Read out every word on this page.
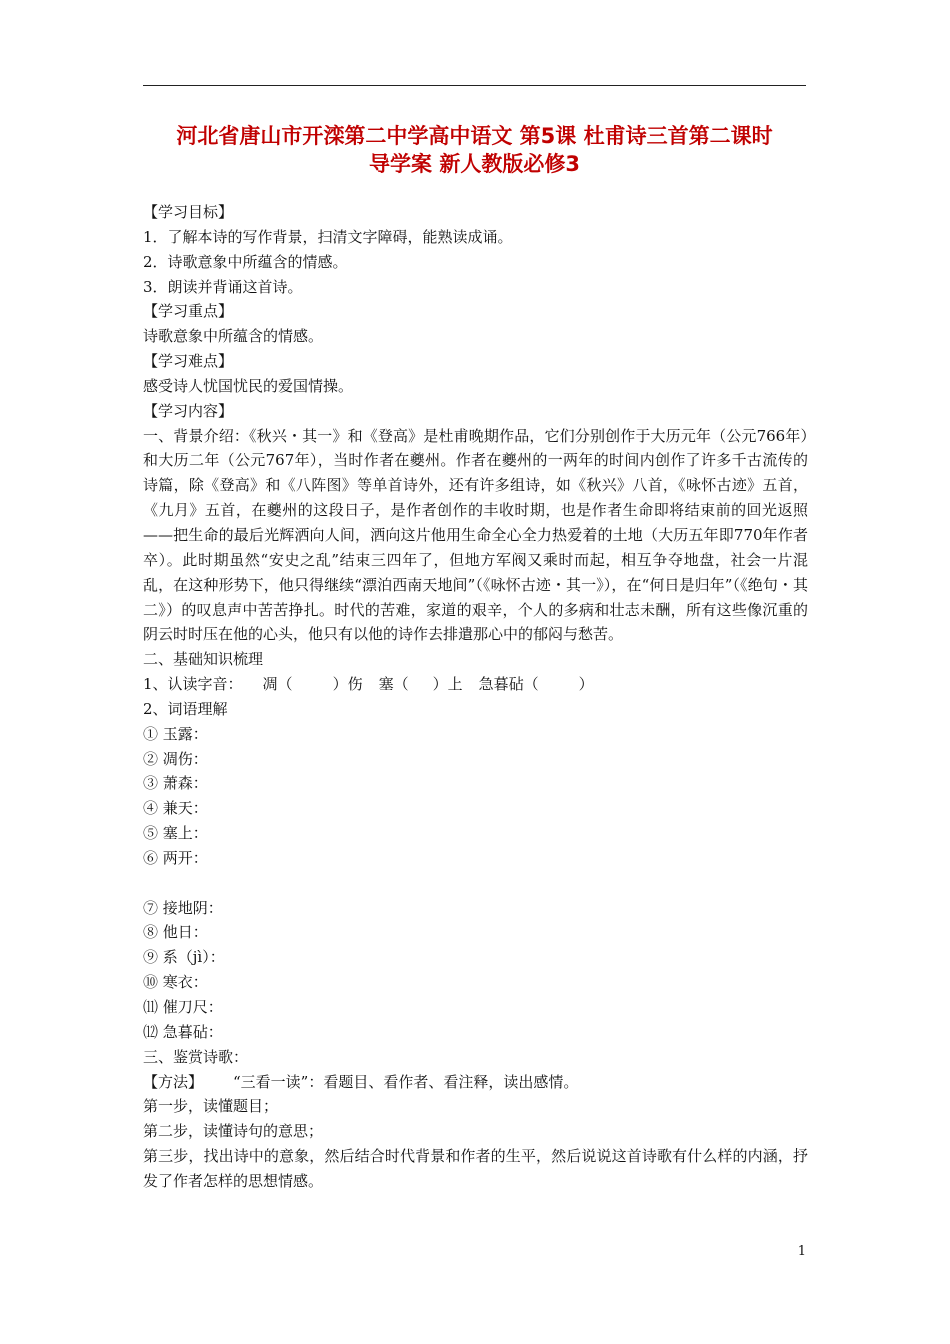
河北省唐山市开滦第二中学高中语文 第5课 杜甫诗三首第二课时
导学案 新人教版必修3
【学习目标】
1．了解本诗的写作背景，扫清文字障碍，能熟读成诵。
2．诗歌意象中所蕴含的情感。
3．朗读并背诵这首诗。
【学习重点】
诗歌意象中所蕴含的情感。
【学习难点】
感受诗人忧国忧民的爱国情操。
【学习内容】
一、背景介绍：《秋兴・其一》和《登高》是杜甫晚期作品，它们分别创作于大历元年（公元766年）和大历二年（公元767年），当时作者在夔州。作者在夔州的一两年的时间内创作了许多千古流传的诗篇，除《登高》和《八阵图》等单首诗外，还有许多组诗，如《秋兴》八首，《咏怀古迹》五首，《九月》五首，在夔州的这段日子，是作者创作的丰收时期，也是作者生命即将结束前的回光返照——把生命的最后光辉洒向人间，洒向这片他用生命全心全力热爱着的土地（大历五年即770年作者卒）。此时期虽然“安史之乱”结束三四年了，但地方军阀又乘时而起，相互争夺地盘，社会一片混乱，在这种形势下，他只得继续“漂泊西南天地间”（《咏怀古迹・其一》），在“何日是归年”（《绝句・其二》）的叹息声中苦苦挣扎。时代的苦难，家道的艰辛，个人的多病和壮志未酬，所有这些像沉重的阴云时时压在他的心头，他只有以他的诗作去排遣那心中的郁闷与愁苦。
二、基础知识梳理
1、认读字音： 凋（	）伤 塞（ ）上 急暮砧（	）
2、词语理解
① 玉露：
② 凋伤：
③ 萧森：
④ 兼天：
⑤ 塞上：
⑥ 两开：
⑦ 接地阴：
⑧ 他日：
⑨ 系（jì）：
⑩ 寒衣：
⑾ 催刀尺：
⑿ 急暮砧：
三、鉴赏诗歌：
【方法】 “三看一读”：看题目、看作者、看注释，读出感情。
第一步，读懂题目；
第二步，读懂诗句的意思；
第三步，找出诗中的意象，然后结合时代背景和作者的生平，然后说说这首诗歌有什么样的内涵，抒发了作者怎样的思想情感。
1
